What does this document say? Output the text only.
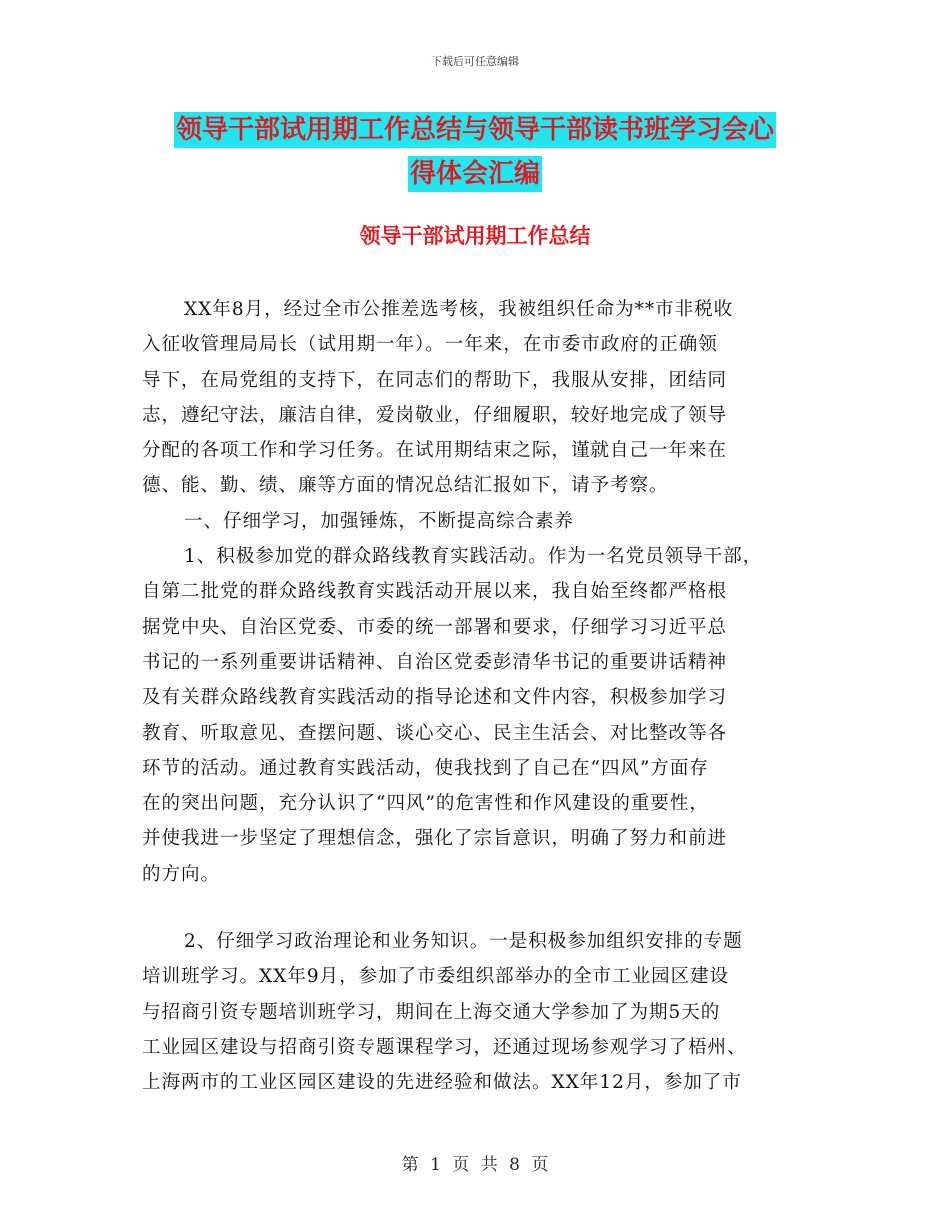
下载后可任意编辑
领导干部试用期工作总结与领导干部读书班学习会心
得体会汇编
领导干部试用期工作总结

XX年8月，经过全市公推差选考核，我被组织任命为**市非税收

入征收管理局局长（试用期一年）。一年来，在市委市政府的正确领

导下，在局党组的支持下，在同志们的帮助下，我服从安排，团结同

志，遵纪守法，廉洁自律，爱岗敬业，仔细履职，较好地完成了领导

分配的各项工作和学习任务。在试用期结束之际，谨就自己一年来在

德、能、勤、绩、廉等方面的情况总结汇报如下，请予考察。

一、仔细学习，加强锤炼，不断提高综合素养

1、积极参加党的群众路线教育实践活动。作为一名党员领导干部，

自第二批党的群众路线教育实践活动开展以来，我自始至终都严格根

据党中央、自治区党委、市委的统一部署和要求，仔细学习习近平总

书记的一系列重要讲话精神、自治区党委彭清华书记的重要讲话精神

及有关群众路线教育实践活动的指导论述和文件内容，积极参加学习

教育、听取意见、查摆问题、谈心交心、民主生活会、对比整改等各

环节的活动。通过教育实践活动，使我找到了自己在“四风”方面存

在的突出问题，充分认识了“四风”的危害性和作风建设的重要性，

并使我进一步坚定了理想信念，强化了宗旨意识，明确了努力和前进

的方向。

2、仔细学习政治理论和业务知识。一是积极参加组织安排的专题

培训班学习。XX年9月，参加了市委组织部举办的全市工业园区建设

与招商引资专题培训班学习，期间在上海交通大学参加了为期5天的

工业园区建设与招商引资专题课程学习，还通过现场参观学习了梧州、

上海两市的工业区园区建设的先进经验和做法。XX年12月，参加了市

第 1 页 共 8 页
